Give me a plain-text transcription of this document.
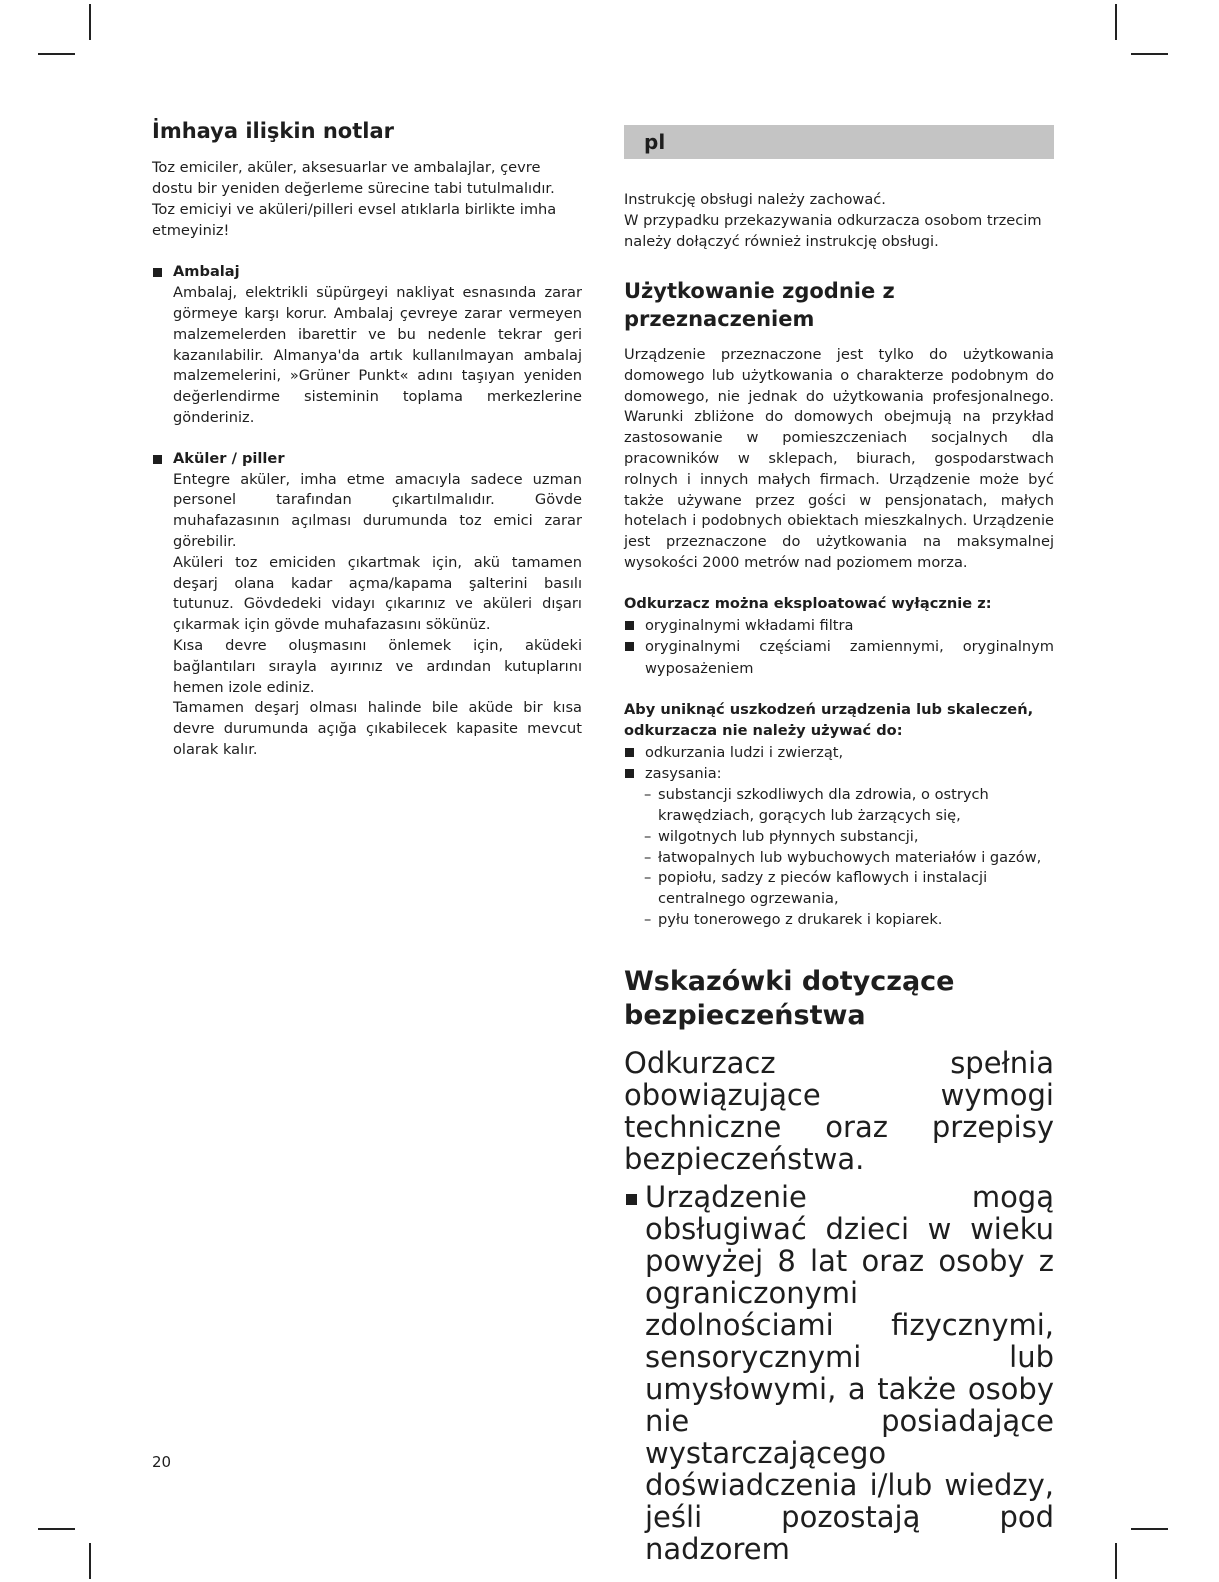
İmhaya ilişkin notlar

Toz emiciler, aküler, aksesuarlar ve ambalajlar, çevre dostu bir yeniden değerleme sürecine tabi tutulmalıdır. Toz emiciyi ve aküleri/pilleri evsel atıklarla birlikte imha etmeyiniz!

Ambalaj

Ambalaj, elektrikli süpürgeyi nakliyat esnasında zarar görmeye karşı korur. Ambalaj çevreye zarar vermeyen malzemelerden ibarettir ve bu nedenle tekrar geri kazanılabilir. Almanya'da artık kullanılmayan ambalaj malzemelerini, »Grüner Punkt« adını taşıyan yeniden değerlendirme sisteminin toplama merkezlerine gönderiniz.

Aküler / piller

Entegre aküler, imha etme amacıyla sadece uzman personel tarafından çıkartılmalıdır. Gövde muhafazasının açılması durumunda toz emici zarar görebilir.

Aküleri toz emiciden çıkartmak için, akü tamamen deşarj olana kadar açma/kapama şalterini basılı tutunuz. Gövdedeki vidayı çıkarınız ve aküleri dışarı çıkarmak için gövde muhafazasını sökünüz.

Kısa devre oluşmasını önlemek için, aküdeki bağlantıları sırayla ayırınız ve ardından kutuplarını hemen izole ediniz.

Tamamen deşarj olması halinde bile aküde bir kısa devre durumunda açığa çıkabilecek kapasite mevcut olarak kalır.

pl

Instrukcję obsługi należy zachować.

W przypadku przekazywania odkurzacza osobom trzecim należy dołączyć również instrukcję obsługi.

Użytkowanie zgodnie z przeznaczeniem

Urządzenie przeznaczone jest tylko do użytkowania domowego lub użytkowania o charakterze podobnym do domowego, nie jednak do użytkowania profesjonalnego. Warunki zbliżone do domowych obejmują na przykład zastosowanie w pomieszczeniach socjalnych dla pracowników w sklepach, biurach, gospodarstwach rolnych i innych małych firmach. Urządzenie może być także używane przez gości w pensjonatach, małych hotelach i podobnych obiektach mieszkalnych. Urządzenie jest przeznaczone do użytkowania na maksymalnej wysokości 2000 metrów nad poziomem morza.

Odkurzacz można eksploatować wyłącznie z:

oryginalnymi wkładami filtra
oryginalnymi częściami zamiennymi, oryginalnym wyposażeniem

Aby uniknąć uszkodzeń urządzenia lub skaleczeń, odkurzacza nie należy używać do:

odkurzania ludzi i zwierząt,
zasysania:
– substancji szkodliwych dla zdrowia, o ostrych krawędziach, gorących lub żarzących się,
– wilgotnych lub płynnych substancji,
– łatwopalnych lub wybuchowych materiałów i gazów,
– popiołu, sadzy z pieców kaflowych i instalacji centralnego ogrzewania,
– pyłu tonerowego z drukarek i kopiarek.
Wskazówki dotyczące
bezpieczeństwa

Odkurzacz spełnia obowiązujące wymogi techniczne oraz przepisy bezpieczeństwa.

Urządzenie mogą obsługiwać dzieci w wieku powyżej 8 lat oraz osoby z ograniczonymi zdolnościami fizycznymi, sensorycznymi lub umysłowymi, a także osoby nie posiadające wystarczającego doświadczenia i/lub wiedzy, jeśli pozostają pod nadzorem
20
